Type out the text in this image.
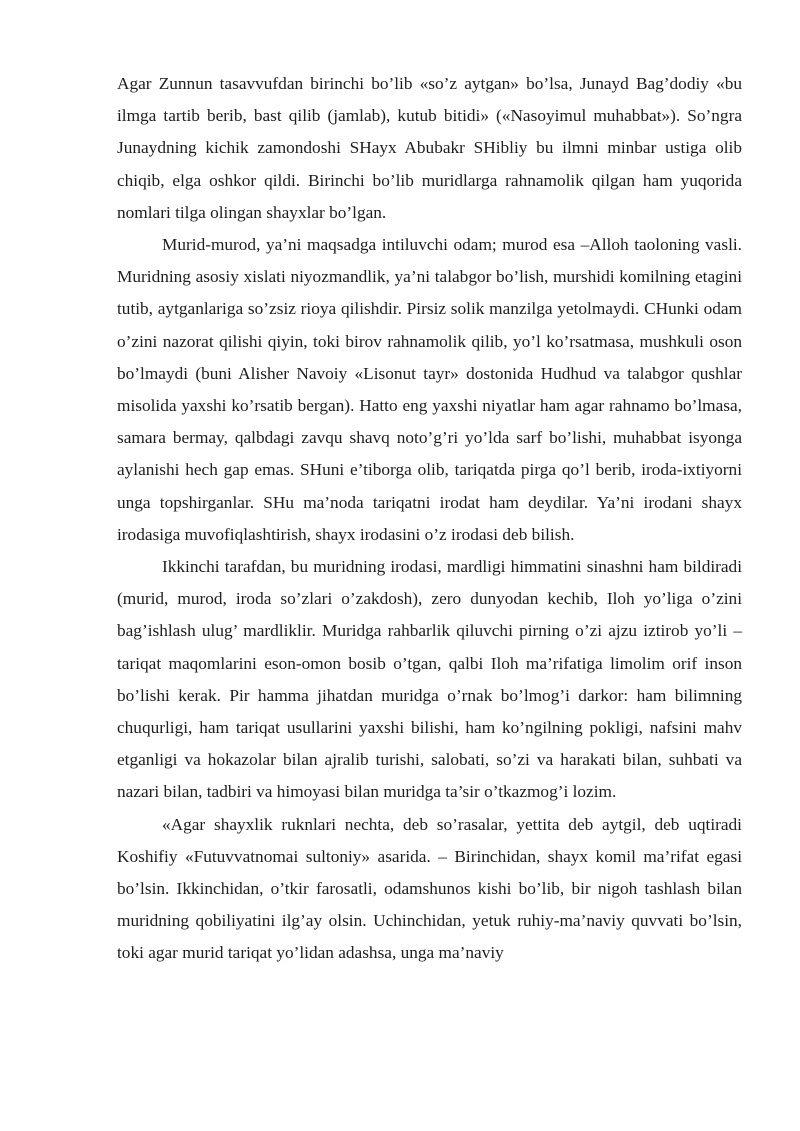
Agar Zunnun tasavvufdan birinchi bo’lib «so’z aytgan» bo’lsa, Junayd Bag’dodiy «bu ilmga tartib berib, bast qilib (jamlab), kutub bitidi» («Nasoyimul muhabbat»). So’ngra Junaydning kichik zamondoshi SHayx Abubakr SHibliy bu ilmni minbar ustiga olib chiqib, elga oshkor qildi. Birinchi bo’lib muridlarga rahnamolik qilgan ham yuqorida nomlari tilga olingan shayxlar bo’lgan.

Murid-murod, ya’ni maqsadga intiluvchi odam; murod esa –Alloh taoloning vasli. Muridning asosiy xislati niyozmandlik, ya’ni talabgor bo’lish, murshidi komilning etagini tutib, aytganlariga so’zsiz rioya qilishdir. Pirsiz solik manzilga yetolmaydi. CHunki odam o’zini nazorat qilishi qiyin, toki birov rahnamolik qilib, yo’l ko’rsatmasa, mushkuli oson bo’lmaydi (buni Alisher Navoiy «Lisonut tayr» dostonida Hudhud va talabgor qushlar misolida yaxshi ko’rsatib bergan). Hatto eng yaxshi niyatlar ham agar rahnamo bo’lmasa, samara bermay, qalbdagi zavqu shavq noto’g’ri yo’lda sarf bo’lishi, muhabbat isyonga aylanishi hech gap emas. SHuni e’tiborga olib, tariqatda pirga qo’l berib, iroda-ixtiyorni unga topshirganlar. SHu ma’noda tariqatni irodat ham deydilar. Ya’ni irodani shayx irodasiga muvofiqlashtirish, shayx irodasini o’z irodasi deb bilish.

Ikkinchi tarafdan, bu muridning irodasi, mardligi himmatini sinashni ham bildiradi (murid, murod, iroda so’zlari o’zakdosh), zero dunyodan kechib, Iloh yo’liga o’zini bag’ishlash ulug’ mardliklir. Muridga rahbarlik qiluvchi pirning o’zi ajzu iztirob yo’li – tariqat maqomlarini eson-omon bosib o’tgan, qalbi Iloh ma’rifatiga limolim orif inson bo’lishi kerak. Pir hamma jihatdan muridga o’rnak bo’lmog’i darkor: ham bilimning chuqurligi, ham tariqat usullarini yaxshi bilishi, ham ko’ngilning pokligi, nafsini mahv etganligi va hokazolar bilan ajralib turishi, salobati, so’zi va harakati bilan, suhbati va nazari bilan, tadbiri va himoyasi bilan muridga ta’sir o’tkazmog’i lozim.

«Agar shayxlik ruknlari nechta, deb so’rasalar, yettita deb aytgil, deb uqtiradi Koshifiy «Futuvvatnomai sultoniy» asarida. – Birinchidan, shayx komil ma’rifat egasi bo’lsin. Ikkinchidan, o’tkir farosatli, odamshunos kishi bo’lib, bir nigoh tashlash bilan muridning qobiliyatini ilg’ay olsin. Uchinchidan, yetuk ruhiy-ma’naviy quvvati bo’lsin, toki agar murid tariqat yo’lidan adashsa, unga ma’naviy
